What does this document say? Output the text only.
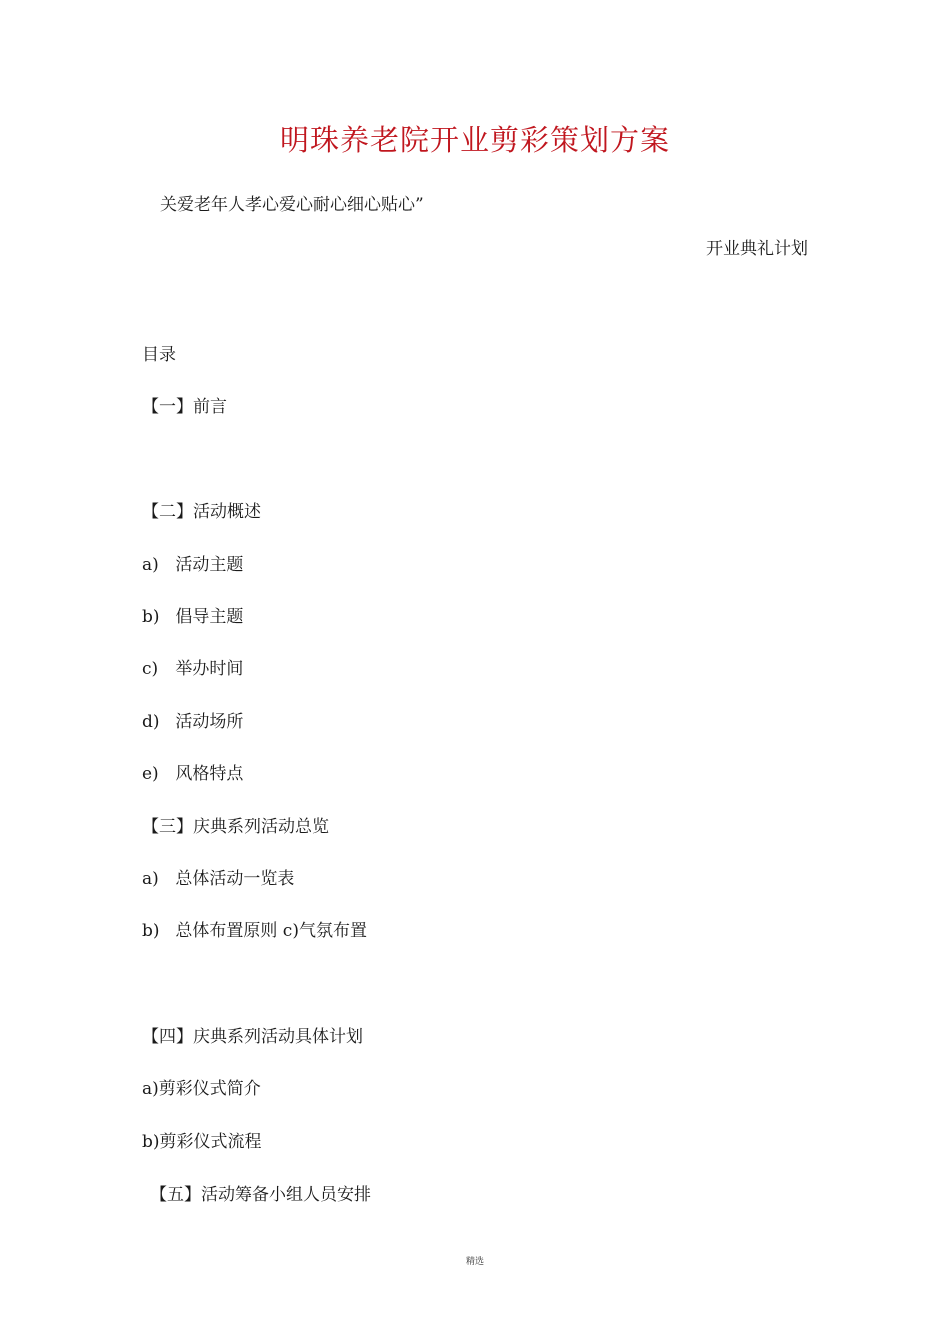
明珠养老院开业剪彩策划方案
关爱老年人孝心爱心耐心细心贴心”
开业典礼计划
目录
【一】前言
【二】活动概述
a) 活动主题
b) 倡导主题
c) 举办时间
d) 活动场所
e) 风格特点
【三】庆典系列活动总览
a) 总体活动一览表
b) 总体布置原则 c)气氛布置
【四】庆典系列活动具体计划
a)剪彩仪式简介
b)剪彩仪式流程
【五】活动筹备小组人员安排
精选
